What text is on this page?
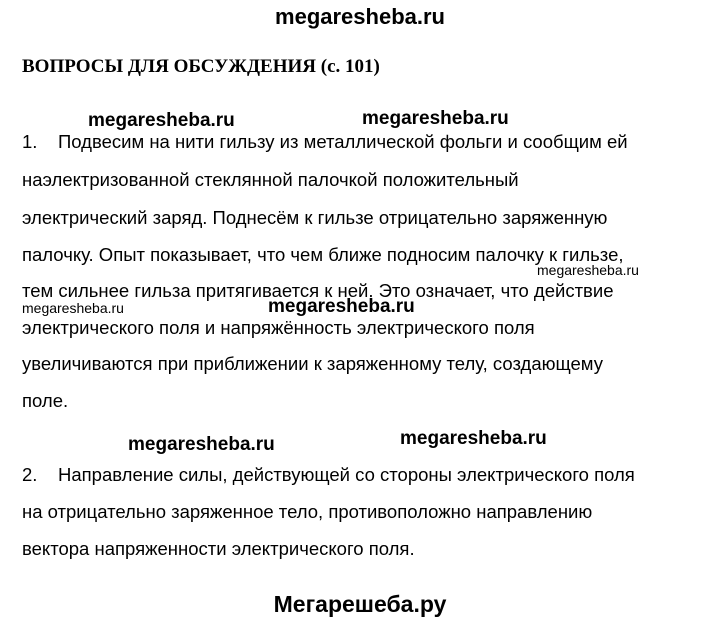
megaresheba.ru
ВОПРОСЫ ДЛЯ ОБСУЖДЕНИЯ (с. 101)
megaresheba.ru	megaresheba.ru
1. Подвесим на нити гильзу из металлической фольги и сообщим ей
наэлектризованной стеклянной палочкой положительный
электрический заряд. Поднесём к гильзе отрицательно заряженную
палочку. Опыт показывает, что чем ближе подносим палочку к гильзе,
тем сильнее гильза притягивается к ней. Это означает, что действие
электрического поля и напряжённость электрического поля
увеличиваются при приближении к заряженному телу, создающему
поле.
megaresheba.ru
megaresheba.ru
megaresheba.ru
megaresheba.ru	megaresheba.ru
2. Направление силы, действующей со стороны электрического поля
на отрицательно заряженное тело, противоположно направлению
вектора напряженности электрического поля.
Мегарешеба.ру
